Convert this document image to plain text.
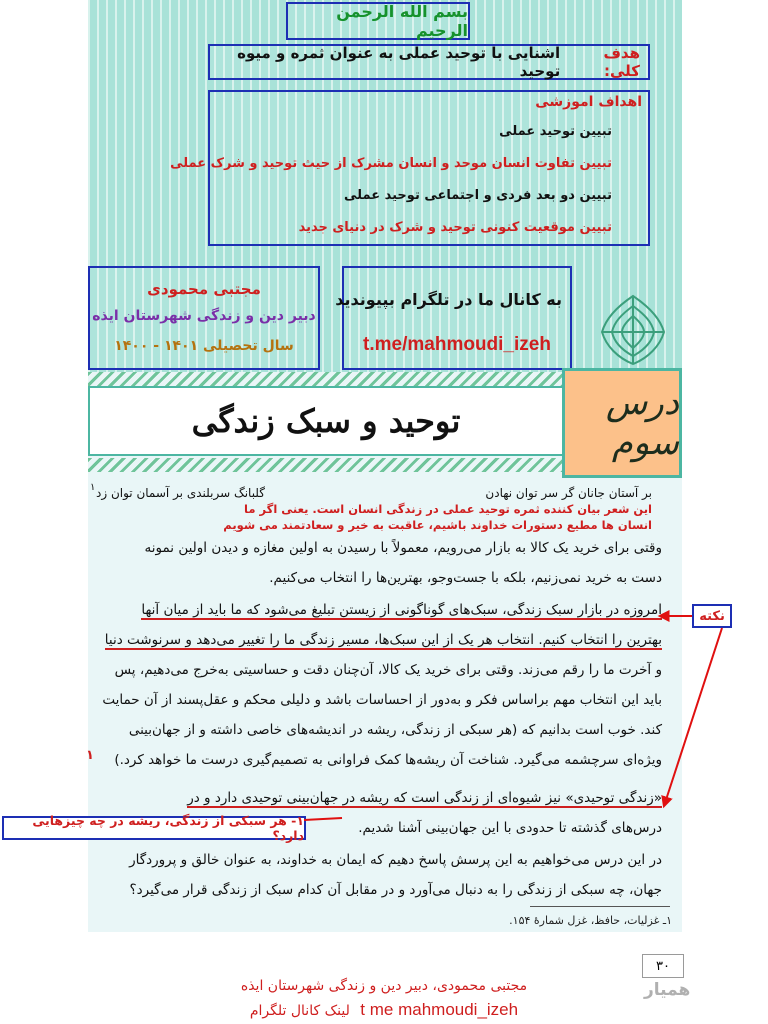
بسم الله الرحمن الرحیم
هدف کلی:
اشنایی با توحید عملی به عنوان ثمره و میوه توحید
اهداف اموزشی
تبیین توحید عملی
تبیین تفاوت انسان موحد و انسان مشرک از حیث توحید و شرک عملی
تبیین دو بعد فردی و اجتماعی توحید عملی
تبیین موقعیت کنونی توحید و شرک در دنیای جدید
مجتبی محمودی
دبیر دین و زندگی شهرستان ایذه
سال تحصیلی ۱۴۰۱ - ۱۴۰۰
به کانال ما در تلگرام بپیوندید
t.me/mahmoudi_izeh
توحید و سبک زندگی	درس سوم
بر آستان جانان گر سر توان نهادن
گلبانگ سربلندی بر آسمان توان زد
۱
این شعر بیان کننده ثمره توحید عملی در زندگی انسان است. یعنی اگر ما
انسان ها مطیع دستورات خداوند باشیم، عاقبت به خیر و سعادتمند می شویم
وقتی برای خرید یک کالا به بازار می‌رویم، معمولاً با رسیدن به اولین مغازه و دیدن اولین نمونه
دست به خرید نمی‌زنیم، بلکه با جست‌وجو، بهترین‌ها را انتخاب می‌کنیم.
امروزه در بازار سبک زندگی، سبک‌های گوناگونی از زیستن تبلیغ می‌شود که ما باید از میان آنها
بهترین را انتخاب کنیم. انتخاب هر یک از این سبک‌ها، مسیر زندگی ما را تغییر می‌دهد و سرنوشت دنیا
و آخرت ما را رقم می‌زند. وقتی برای خرید یک کالا، آن‌چنان دقت و حساسیتی به‌خرج می‌دهیم، پس
باید این انتخاب مهم براساس فکر و به‌دور از احساسات باشد و دلیلی محکم و عقل‌پسند از آن حمایت
کند. خوب است بدانیم که (هر سبکی از زندگی، ریشه در اندیشه‌های خاصی داشته و از جهان‌بینی
ویژه‌ای سرچشمه می‌گیرد. شناخت آن ریشه‌ها کمک فراوانی به تصمیم‌گیری درست ما خواهد کرد.)
۱
«زندگی توحیدی» نیز شیوه‌ای از زندگی است که ریشه در جهان‌بینی توحیدی دارد و در
درس‌های گذشته تا حدودی با این جهان‌بینی آشنا شدیم.
در این درس می‌خواهیم به این پرسش پاسخ دهیم که ایمان به خداوند، به عنوان خالق و پروردگار
جهان، چه سبکی از زندگی را به دنبال می‌آورد و در مقابل آن کدام سبک از زندگی قرار می‌گیرد؟
نکته
۱- هر سبکی از زندگی، ریشه در چه چیزهایی دارد؟
۱ـ غزلیات، حافظ، غزل شمارهٔ ۱۵۴.
۳۰
همیار
مجتبی محمودی، دبیر دین و زندگی شهرستان ایذه
t me mahmoudi_izeh لینک کانال تلگرام
